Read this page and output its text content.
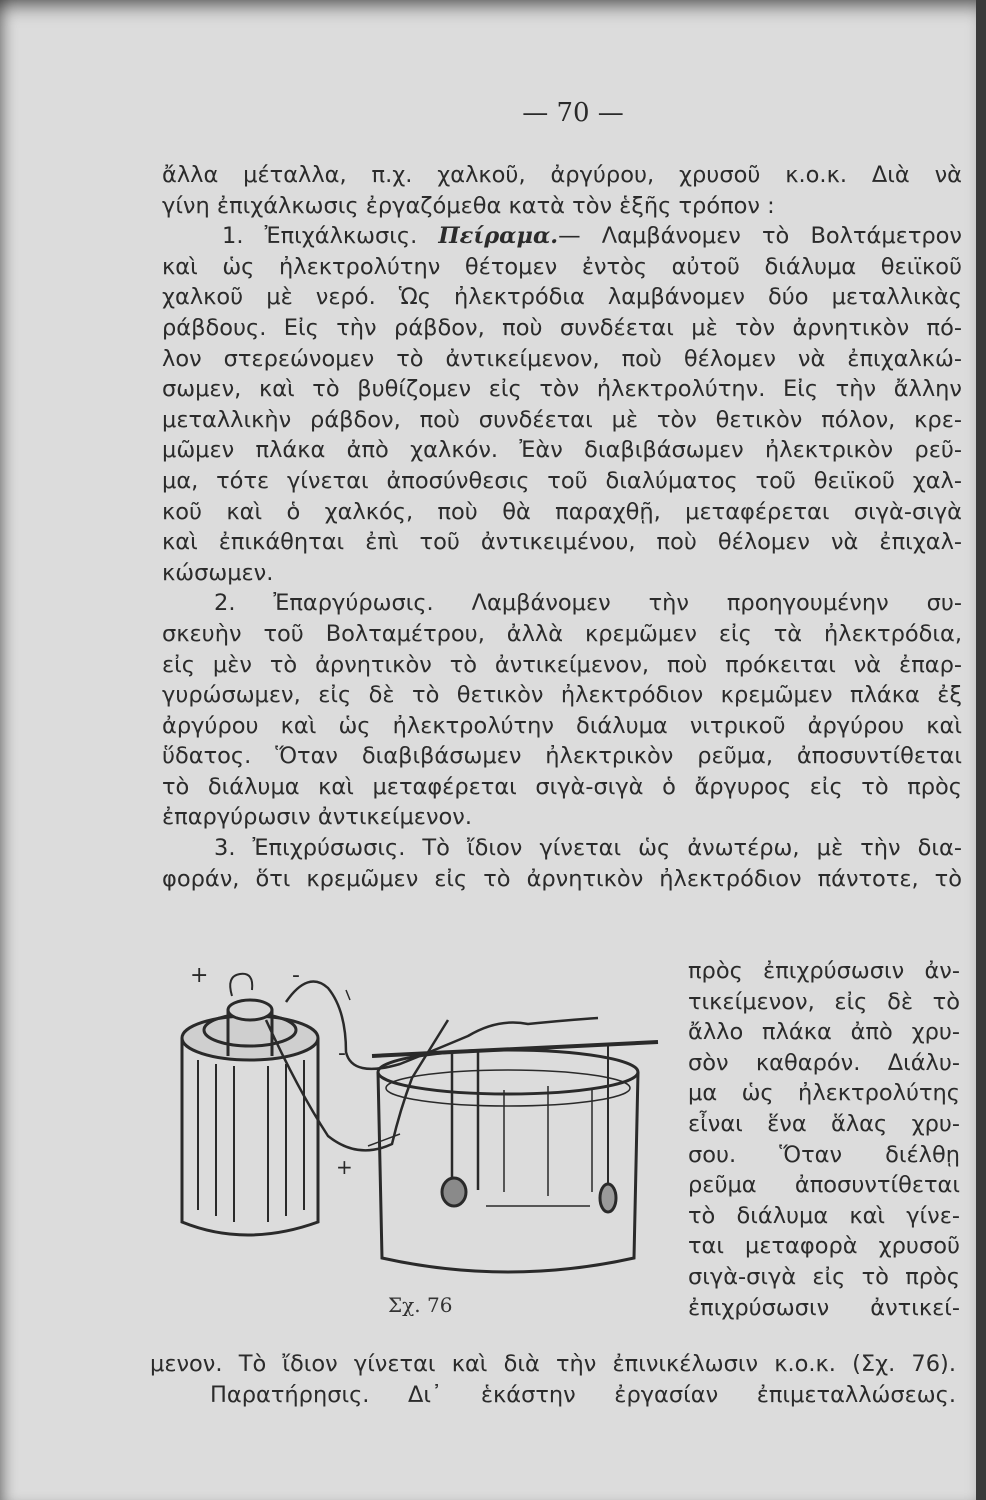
— 70 —
ἄλλα μέταλλα, π.χ. χαλκοῦ, ἀργύρου, χρυσοῦ κ.ο.κ. Διὰ νὰ
γίνη ἐπιχάλκωσις ἐργαζόμεθα κατὰ τὸν ἑξῆς τρόπον :
1. Ἐπιχάλκωσις. Πείραμα.— Λαμβάνομεν τὸ Βολτάμετρον
καὶ ὡς ἠλεκτρολύτην θέτομεν ἐντὸς αὐτοῦ διάλυμα θειϊκοῦ
χαλκοῦ μὲ νερό. Ὡς ἠλεκτρόδια λαμβάνομεν δύο μεταλλικὰς
ράβδους. Εἰς τὴν ράβδον, ποὺ συνδέεται μὲ τὸν ἀρνητικὸν πό-
λον στερεώνομεν τὸ ἀντικείμενον, ποὺ θέλομεν νὰ ἐπιχαλκώ-
σωμεν, καὶ τὸ βυθίζομεν εἰς τὸν ἠλεκτρολύτην. Εἰς τὴν ἄλλην
μεταλλικὴν ράβδον, ποὺ συνδέεται μὲ τὸν θετικὸν πόλον, κρε-
μῶμεν πλάκα ἀπὸ χαλκόν. Ἐὰν διαβιβάσωμεν ἠλεκτρικὸν ρεῦ-
μα, τότε γίνεται ἀποσύνθεσις τοῦ διαλύματος τοῦ θειϊκοῦ χαλ-
κοῦ καὶ ὁ χαλκός, ποὺ θὰ παραχθῇ, μεταφέρεται σιγὰ-σιγὰ
καὶ ἐπικάθηται ἐπὶ τοῦ ἀντικειμένου, ποὺ θέλομεν νὰ ἐπιχαλ-
κώσωμεν.
2. Ἐπαργύρωσις. Λαμβάνομεν τὴν προηγουμένην συ-
σκευὴν τοῦ Βολταμέτρου, ἀλλὰ κρεμῶμεν εἰς τὰ ἠλεκτρόδια,
εἰς μὲν τὸ ἀρνητικὸν τὸ ἀντικείμενον, ποὺ πρόκειται νὰ ἐπαρ-
γυρώσωμεν, εἰς δὲ τὸ θετικὸν ἠλεκτρόδιον κρεμῶμεν πλάκα ἐξ
ἀργύρου καὶ ὡς ἠλεκτρολύτην διάλυμα νιτρικοῦ ἀργύρου καὶ
ὕδατος. Ὅταν διαβιβάσωμεν ἠλεκτρικὸν ρεῦμα, ἀποσυντίθεται
τὸ διάλυμα καὶ μεταφέρεται σιγὰ-σιγὰ ὁ ἄργυρος εἰς τὸ πρὸς
ἐπαργύρωσιν ἀντικείμενον.
3. Ἐπιχρύσωσις. Τὸ ἴδιον γίνεται ὡς ἀνωτέρω, μὲ τὴν δια-
φοράν, ὅτι κρεμῶμεν εἰς τὸ ἀρνητικὸν ἠλεκτρόδιον πάντοτε, τὸ
+	-
-
+
Σχ. 76
πρὸς ἐπιχρύσωσιν ἀν-
τικείμενον, εἰς δὲ τὸ
ἄλλο πλάκα ἀπὸ χρυ-
σὸν καθαρόν. Διάλυ-
μα ὡς ἠλεκτρολύτης
εἶναι ἕνα ἅλας χρυ-
σου. Ὅταν διέλθῃ
ρεῦμα ἀποσυντίθεται
τὸ διάλυμα καὶ γίνε-
ται μεταφορὰ χρυσοῦ
σιγὰ-σιγὰ εἰς τὸ πρὸς
ἐπιχρύσωσιν ἀντικεί-
μενον. Τὸ ἴδιον γίνεται καὶ διὰ τὴν ἐπινικέλωσιν κ.ο.κ. (Σχ. 76).
Παρατήρησις. Δι᾿ ἑκάστην ἐργασίαν ἐπιμεταλλώσεως.
